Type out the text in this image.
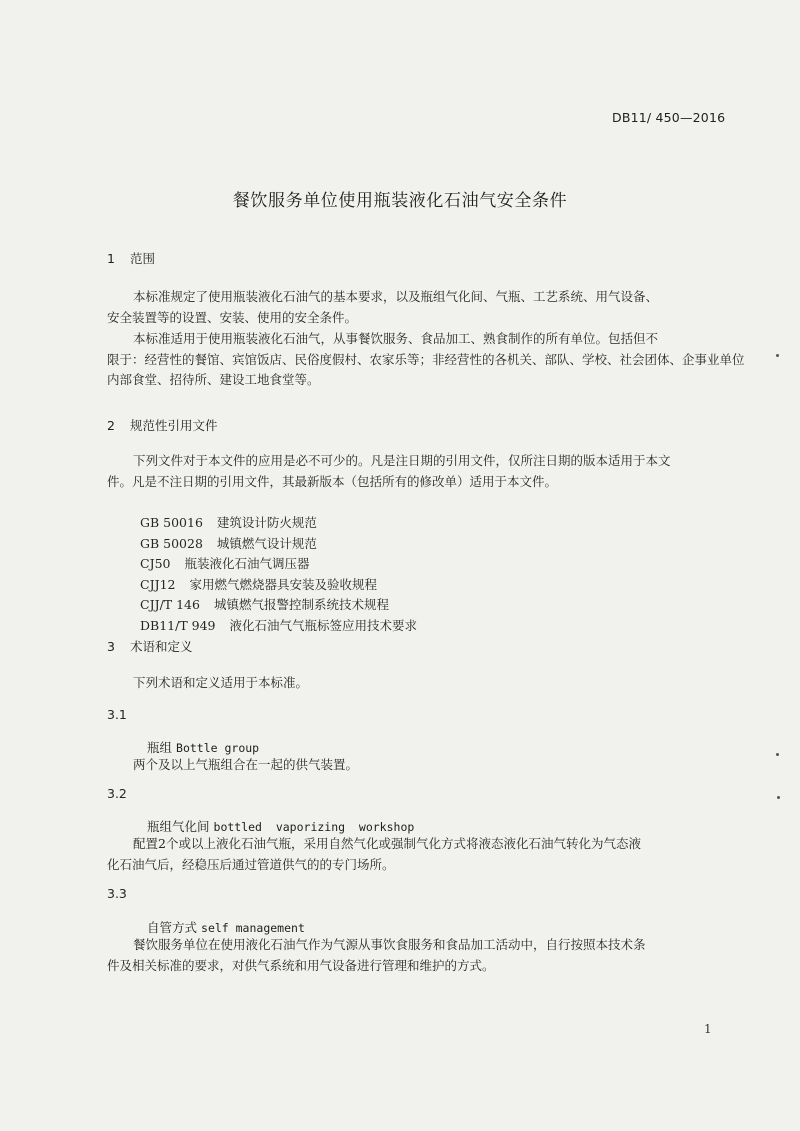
DB11/ 450—2016
餐饮服务单位使用瓶装液化石油气安全条件
1 范围
本标准规定了使用瓶装液化石油气的基本要求，以及瓶组气化间、气瓶、工艺系统、用气设备、
安全装置等的设置、安装、使用的安全条件。
本标准适用于使用瓶装液化石油气，从事餐饮服务、食品加工、熟食制作的所有单位。包括但不
限于：经营性的餐馆、宾馆饭店、民俗度假村、农家乐等；非经营性的各机关、部队、学校、社会团体、企事业单位内部食堂、招待所、建设工地食堂等。
2 规范性引用文件
下列文件对于本文件的应用是必不可少的。凡是注日期的引用文件，仅所注日期的版本适用于本文
件。凡是不注日期的引用文件，其最新版本（包括所有的修改单）适用于本文件。
GB 50016 建筑设计防火规范
GB 50028 城镇燃气设计规范
CJ50 瓶装液化石油气调压器
CJJ12 家用燃气燃烧器具安装及验收规程
CJJ/T 146 城镇燃气报警控制系统技术规程
DB11/T 949 液化石油气气瓶标签应用技术要求
3 术语和定义
下列术语和定义适用于本标准。
3.1
瓶组 Bottle group
两个及以上气瓶组合在一起的供气装置。
3.2
瓶组气化间 bottled  vaporizing  workshop
配置2个或以上液化石油气瓶，采用自然气化或强制气化方式将液态液化石油气转化为气态液
化石油气后，经稳压后通过管道供气的的专门场所。
3.3
自管方式 self management
餐饮服务单位在使用液化石油气作为气源从事饮食服务和食品加工活动中，自行按照本技术条
件及相关标准的要求，对供气系统和用气设备进行管理和维护的方式。
1
